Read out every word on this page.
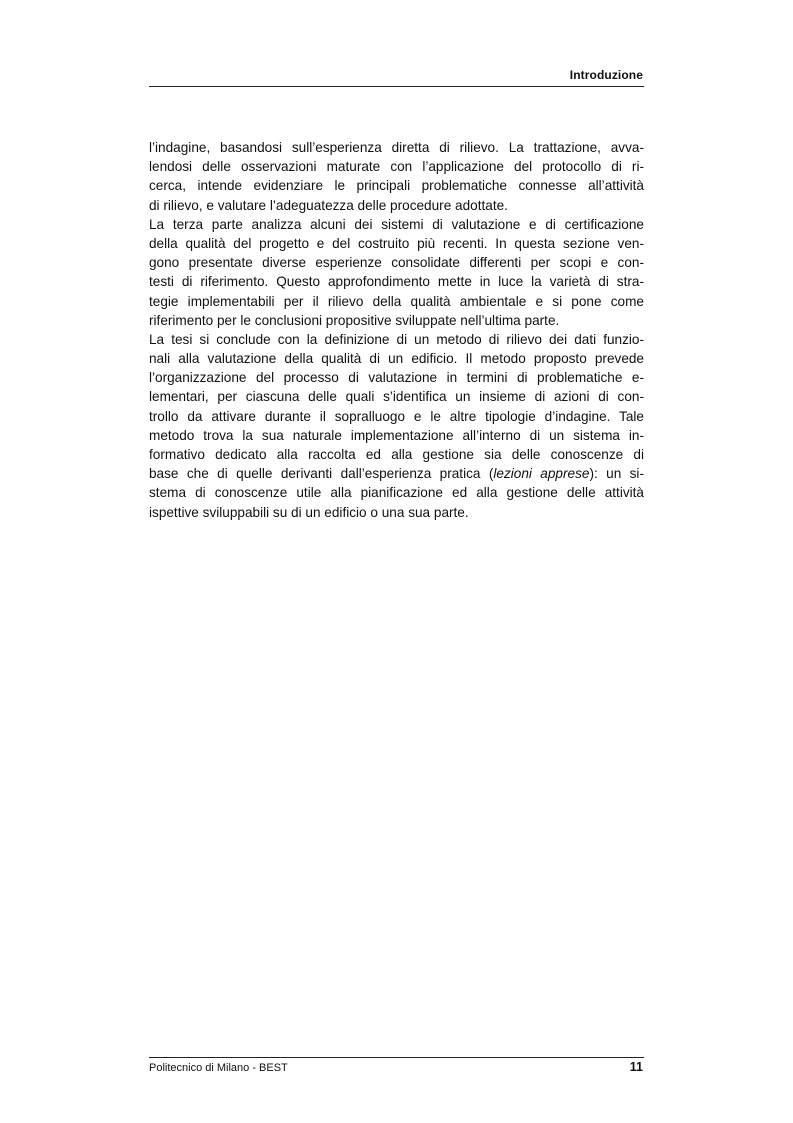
Introduzione
l’indagine, basandosi sull’esperienza diretta di rilievo. La trattazione, avva-
lendosi delle osservazioni maturate con l’applicazione del protocollo di ri-
cerca, intende evidenziare le principali problematiche connesse all’attività
di rilievo, e valutare l’adeguatezza delle procedure adottate.
La terza parte analizza alcuni dei sistemi di valutazione e di certificazione
della qualità del progetto e del costruito più recenti. In questa sezione ven-
gono presentate diverse esperienze consolidate differenti per scopi e con-
testi di riferimento. Questo approfondimento mette in luce la varietà di stra-
tegie implementabili per il rilievo della qualità ambientale e si pone come
riferimento per le conclusioni propositive sviluppate nell’ultima parte.
La tesi si conclude con la definizione di un metodo di rilievo dei dati funzio-
nali alla valutazione della qualità di un edificio. Il metodo proposto prevede
l’organizzazione del processo di valutazione in termini di problematiche e-
lementari, per ciascuna delle quali s’identifica un insieme di azioni di con-
trollo da attivare durante il sopralluogo e le altre tipologie d’indagine. Tale
metodo trova la sua naturale implementazione all’interno di un sistema in-
formativo dedicato alla raccolta ed alla gestione sia delle conoscenze di
base che di quelle derivanti dall’esperienza pratica (lezioni apprese): un si-
stema di conoscenze utile alla pianificazione ed alla gestione delle attività
ispettive sviluppabili su di un edificio o una sua parte.
Politecnico di Milano - BEST	11
